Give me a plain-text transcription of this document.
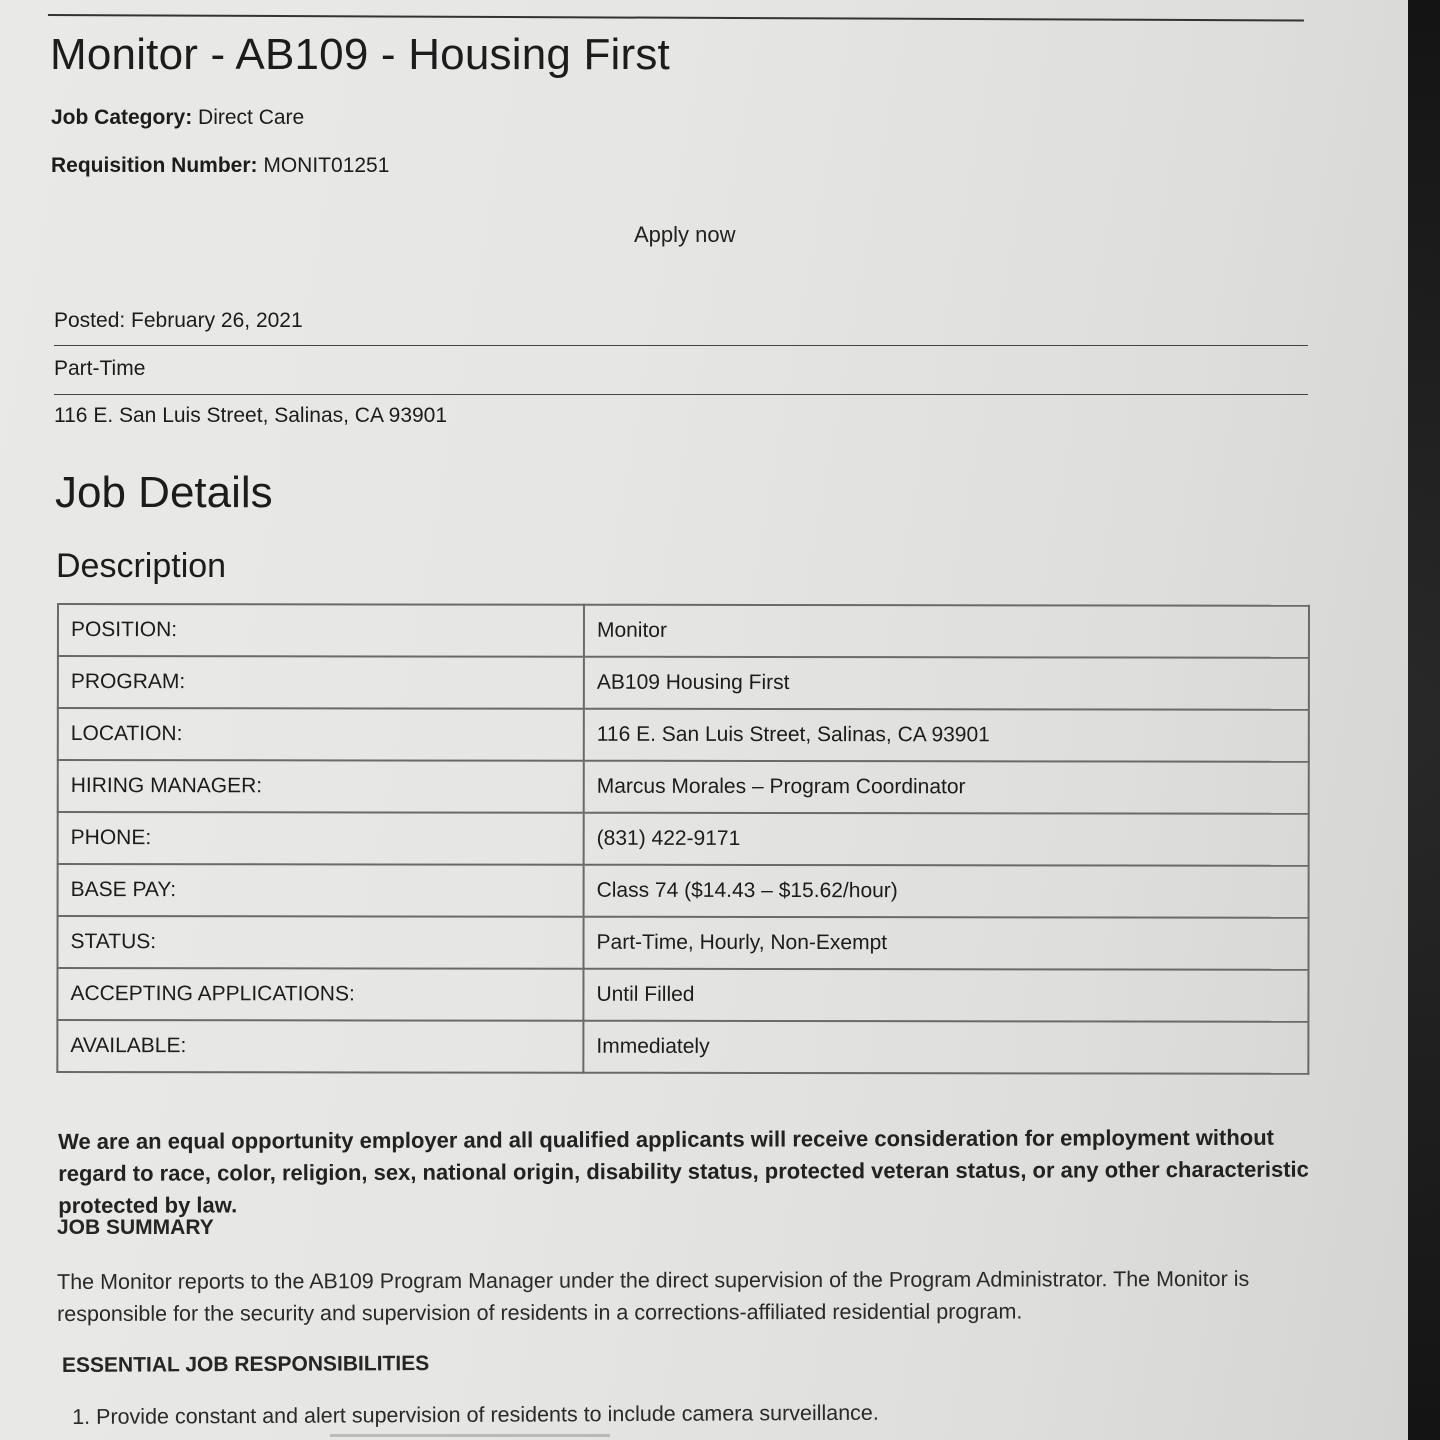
Monitor - AB109 - Housing First
Job Category: Direct Care
Requisition Number: MONIT01251
Apply now
Posted: February 26, 2021
Part-Time
116 E. San Luis Street, Salinas, CA 93901
Job Details
Description
POSITION:	Monitor
PROGRAM:	AB109 Housing First
LOCATION:	116 E. San Luis Street, Salinas, CA 93901
HIRING MANAGER:	Marcus Morales – Program Coordinator
PHONE:	(831) 422-9171
BASE PAY:	Class 74 ($14.43 – $15.62/hour)
STATUS:	Part-Time, Hourly, Non-Exempt
ACCEPTING APPLICATIONS:	Until Filled
AVAILABLE:	Immediately

We are an equal opportunity employer and all qualified applicants will receive consideration for employment without regard to race, color, religion, sex, national origin, disability status, protected veteran status, or any other characteristic protected by law.

JOB SUMMARY

The Monitor reports to the AB109 Program Manager under the direct supervision of the Program Administrator. The Monitor is responsible for the security and supervision of residents in a corrections-affiliated residential program.

ESSENTIAL JOB RESPONSIBILITIES
1. Provide constant and alert supervision of residents to include camera surveillance.
